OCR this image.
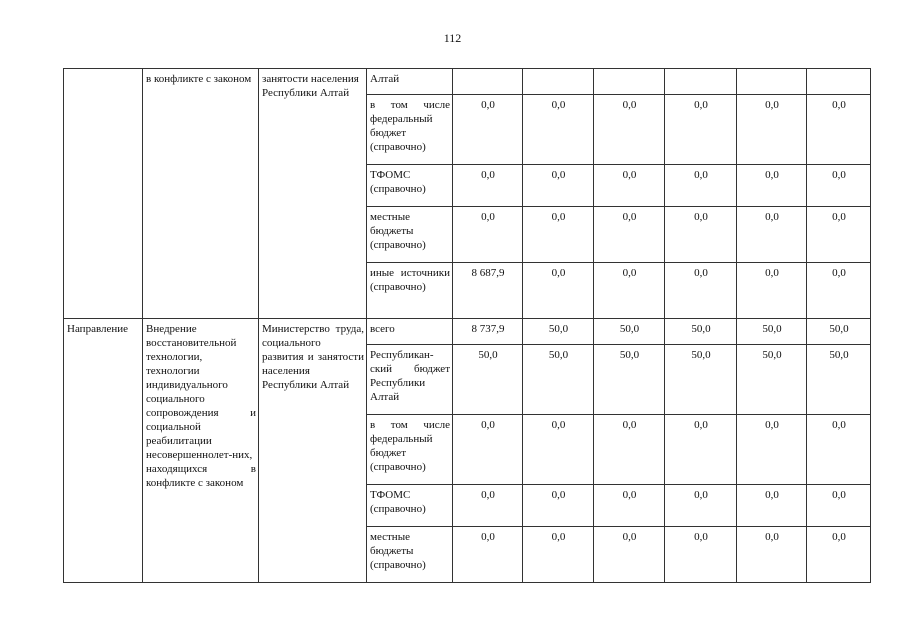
112
	в конфликте с законом	занятости населения Республики Алтай	Алтай						
			в том числе федеральный бюджет (справочно)	0,0	0,0	0,0	0,0	0,0	0,0
			ТФОМС (справочно)	0,0	0,0	0,0	0,0	0,0	0,0
			местные бюджеты (справочно)	0,0	0,0	0,0	0,0	0,0	0,0
			иные источники (справочно)	8 687,9	0,0	0,0	0,0	0,0	0,0
Направление	Внедрение восстановительной технологии, технологии индивидуального социального сопровождения и социальной реабилитации несовершеннолет-них, находящихся в конфликте с законом	Министерство труда, социального развития и занятости населения Республики Алтай	всего	8 737,9	50,0	50,0	50,0	50,0	50,0
			Республикан-ский бюджет Республики Алтай	50,0	50,0	50,0	50,0	50,0	50,0
			в том числе федеральный бюджет (справочно)	0,0	0,0	0,0	0,0	0,0	0,0
			ТФОМС (справочно)	0,0	0,0	0,0	0,0	0,0	0,0
			местные бюджеты (справочно)	0,0	0,0	0,0	0,0	0,0	0,0
